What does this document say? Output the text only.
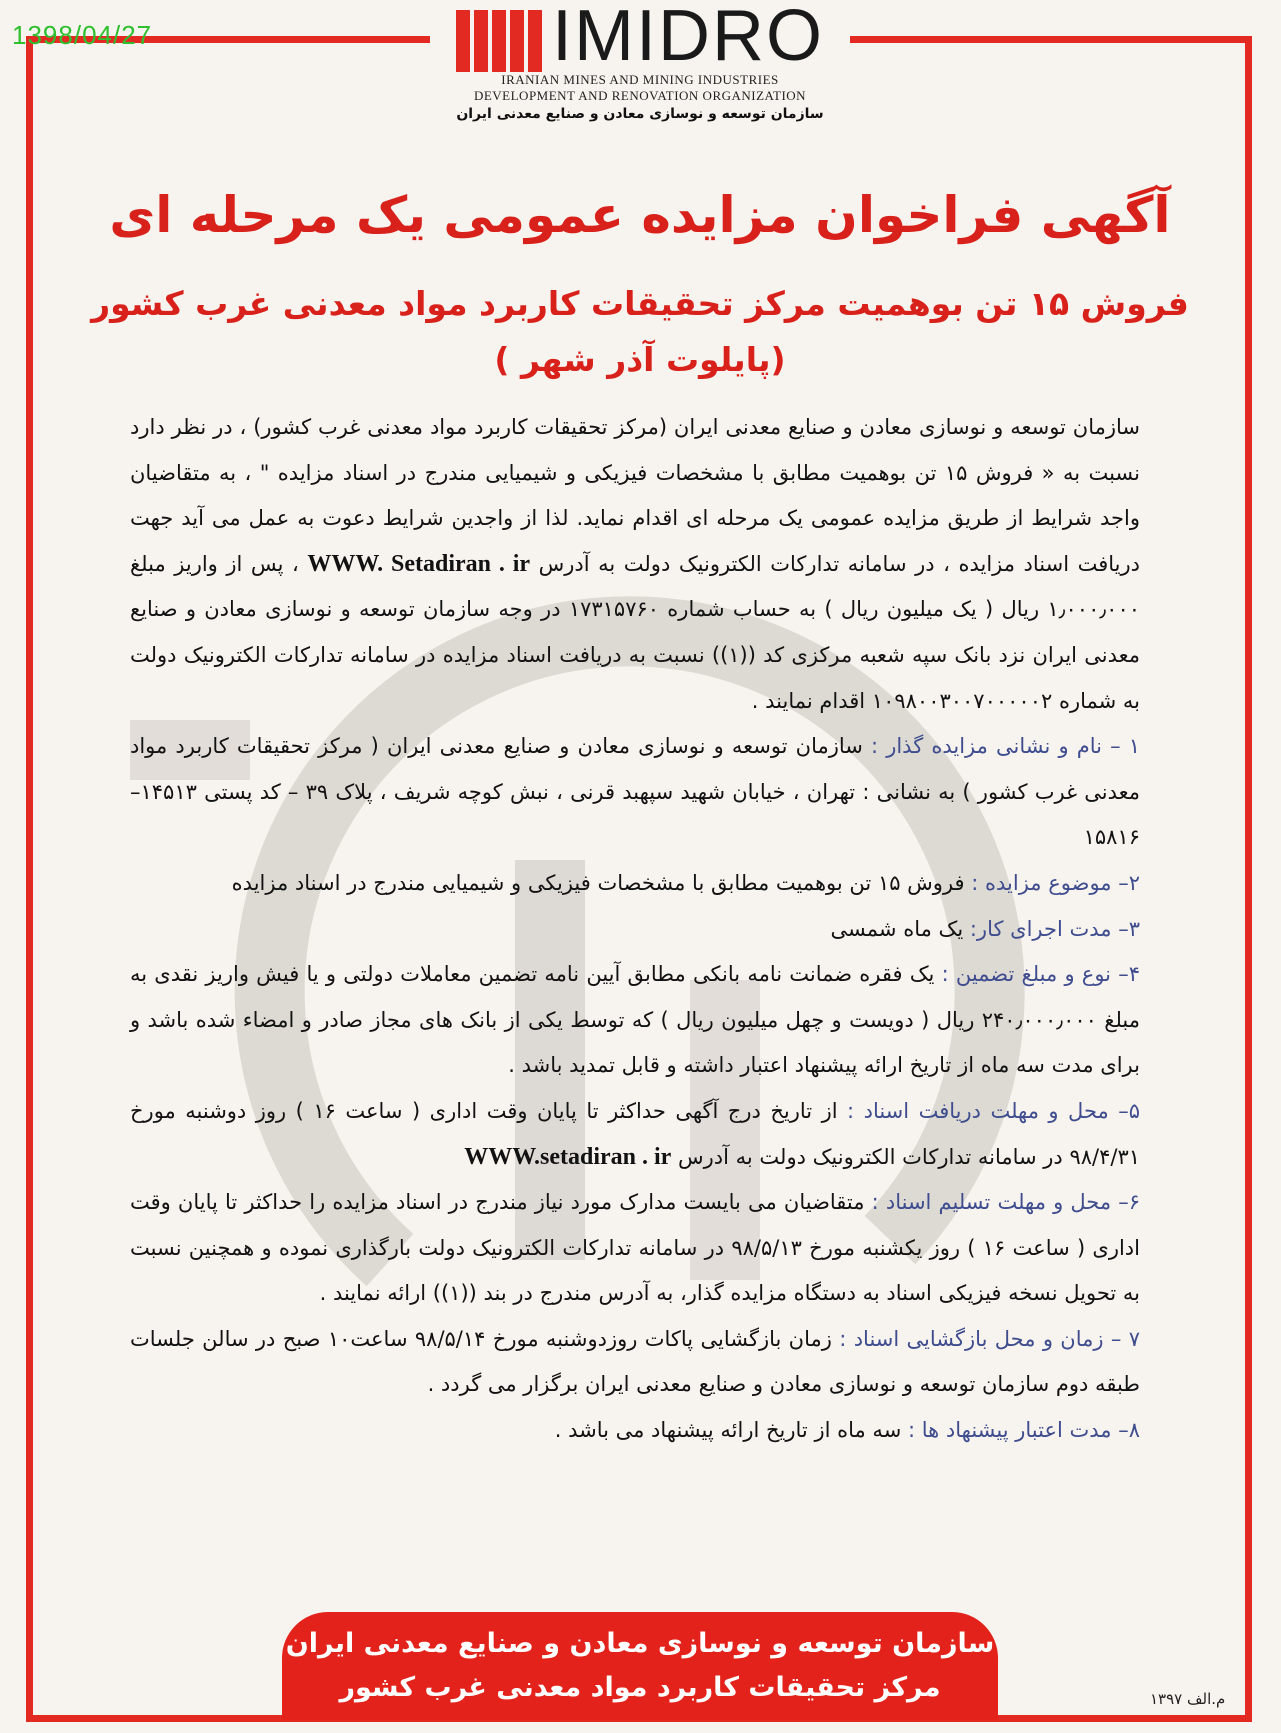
1398/04/27	IMIDRO
IRANIAN MINES AND MINING INDUSTRIES
DEVELOPMENT AND RENOVATION ORGANIZATION
سازمان توسعه و نوسازی معادن و صنایع معدنی ایران
آگهی فراخوان مزایده عمومی یک مرحله ای
فروش ۱۵ تن بوهمیت مرکز تحقیقات کاربرد مواد معدنی غرب کشور
(پایلوت آذر شهر )

سازمان توسعه و نوسازی معادن و صنایع معدنی ایران (مرکز تحقیقات کاربرد مواد معدنی غرب کشور) ، در نظر دارد نسبت به « فروش ۱۵ تن بوهمیت مطابق با مشخصات فیزیکی و شیمیایی مندرج در اسناد مزایده " ، به متقاضیان واجد شرایط از طریق مزایده عمومی یک مرحله ای اقدام نماید. لذا از واجدین شرایط دعوت به عمل می آید جهت دریافت اسناد مزایده ، در سامانه تدارکات الکترونیک دولت به آدرس WWW. Setadiran . ir ، پس از واریز مبلغ ۱٫۰۰۰٫۰۰۰ ریال ( یک میلیون ریال ) به حساب شماره ۱۷۳۱۵۷۶۰ در وجه سازمان توسعه و نوسازی معادن و صنایع معدنی ایران نزد بانک سپه شعبه مرکزی کد ((۱)) نسبت به دریافت اسناد مزایده در سامانه تدارکات الکترونیک دولت به شماره ۱۰۹۸۰۰۳۰۰۷۰۰۰۰۰۲ اقدام نمایند .

۱ – نام و نشانی مزایده گذار : سازمان توسعه و نوسازی معادن و صنایع معدنی ایران ( مرکز تحقیقات کاربرد مواد معدنی غرب کشور ) به نشانی : تهران ، خیابان شهید سپهبد قرنی ، نبش کوچه شریف ، پلاک ۳۹ – کد پستی ۱۴۵۱۳–۱۵۸۱۶

۲– موضوع مزایده : فروش ۱۵ تن بوهمیت مطابق با مشخصات فیزیکی و شیمیایی مندرج در اسناد مزایده

۳– مدت اجرای کار: یک ماه شمسی

۴– نوع و مبلغ تضمین : یک فقره ضمانت نامه بانکی مطابق آیین نامه تضمین معاملات دولتی و یا فیش واریز نقدی به مبلغ ۲۴۰٫۰۰۰٫۰۰۰ ریال ( دویست و چهل میلیون ریال ) که توسط یکی از بانک های مجاز صادر و امضاء شده باشد و برای مدت سه ماه از تاریخ ارائه پیشنهاد اعتبار داشته و قابل تمدید باشد .

۵– محل و مهلت دریافت اسناد : از تاریخ درج آگهی حداکثر تا پایان وقت اداری ( ساعت ۱۶ ) روز دوشنبه مورخ ۹۸/۴/۳۱ در سامانه تدارکات الکترونیک دولت به آدرس WWW.setadiran . ir

۶– محل و مهلت تسلیم اسناد : متقاضیان می بایست مدارک مورد نیاز مندرج در اسناد مزایده را حداکثر تا پایان وقت اداری ( ساعت ۱۶ ) روز یکشنبه مورخ ۹۸/۵/۱۳ در سامانه تدارکات الکترونیک دولت بارگذاری نموده و همچنین نسبت به تحویل نسخه فیزیکی اسناد به دستگاه مزایده گذار، به آدرس مندرج در بند ((۱)) ارائه نمایند .

۷ – زمان و محل بازگشایی اسناد : زمان بازگشایی پاکات روزدوشنبه مورخ ۹۸/۵/۱۴ ساعت۱۰ صبح در سالن جلسات طبقه دوم سازمان توسعه و نوسازی معادن و صنایع معدنی ایران برگزار می گردد .

۸– مدت اعتبار پیشنهاد ها : سه ماه از تاریخ ارائه پیشنهاد می باشد .

سازمان توسعه و نوسازی معادن و صنایع معدنی ایران
مرکز تحقیقات کاربرد مواد معدنی غرب کشور	م.الف ۱۳۹۷
